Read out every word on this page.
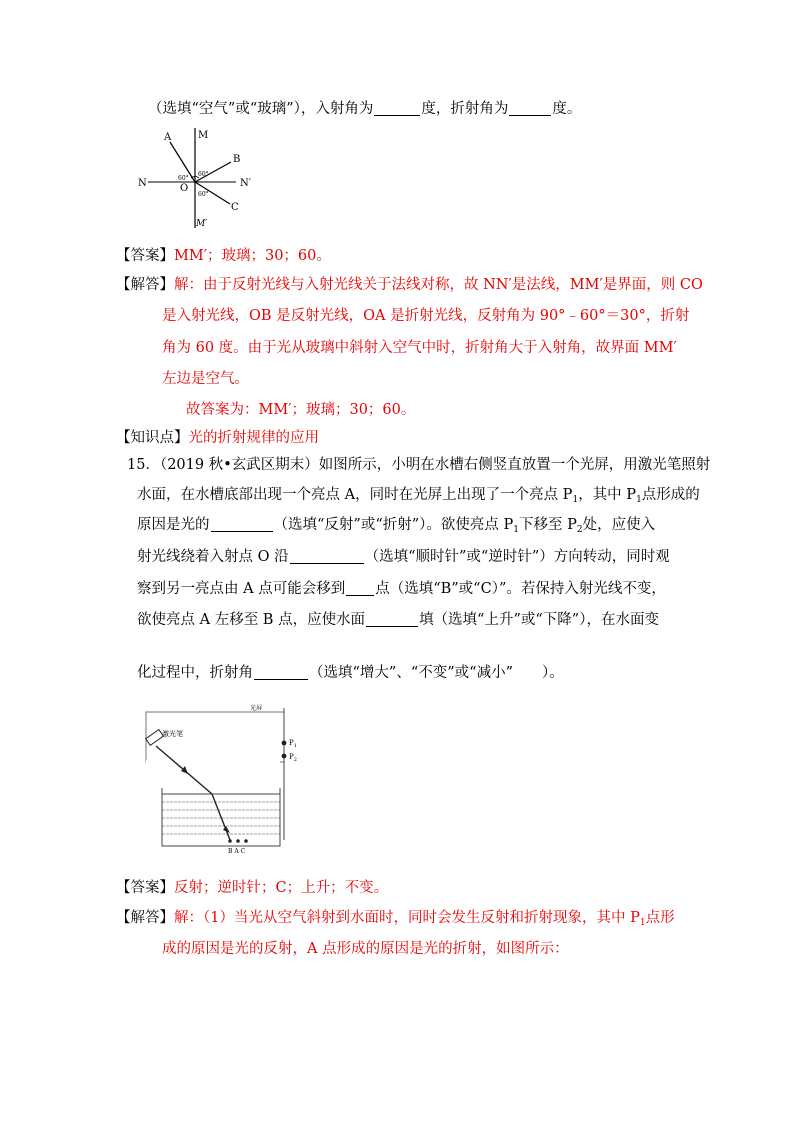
（选填“空气”或“玻璃”），入射角为	度，折射角为	度。
A	M
B
N	O	N′
C
M′
60°
60°
60°
【答案】MM′；玻璃；30；60。
【解答】解：由于反射光线与入射光线关于法线对称，故 NN′是法线，MM′是界面，则 CO
是入射光线，OB 是反射光线，OA 是折射光线，反射角为 90°﹣60°＝30°，折射
角为 60 度。由于光从玻璃中斜射入空气中时，折射角大于入射角，故界面 MM′
左边是空气。
故答案为：MM′；玻璃；30；60。
【知识点】光的折射规律的应用
15．（2019 秋•玄武区期末）如图所示，小明在水槽右侧竖直放置一个光屏，用激光笔照射
水面，在水槽底部出现一个亮点 A，同时在光屏上出现了一个亮点 $P_1$，其中 $P_1$点形成的
原因是光的	（选填“反射”或“折射”）。欲使亮点 $P_1$下移至 $P_2$处，应使入
射光线绕着入射点 O 沿	（选填“顺时针”或“逆时针”）方向转动，同时观
察到另一亮点由 A 点可能会移到 点（选填“B”或“C）”。若保持入射光线不变，
欲使亮点 A 左移至 B 点，应使水面	填（选填“上升”或“下降”），在水面变
化过程中，折射角	（选填“增大”、“不变”或“减小”　　）。
光屏
激光笔
$P_1$
$P_2$
B A C
【答案】反射；逆时针；C；上升；不变。
【解答】解：（1）当光从空气斜射到水面时，同时会发生反射和折射现象，其中 $P_1$点形
成的原因是光的反射，A 点形成的原因是光的折射，如图所示：
